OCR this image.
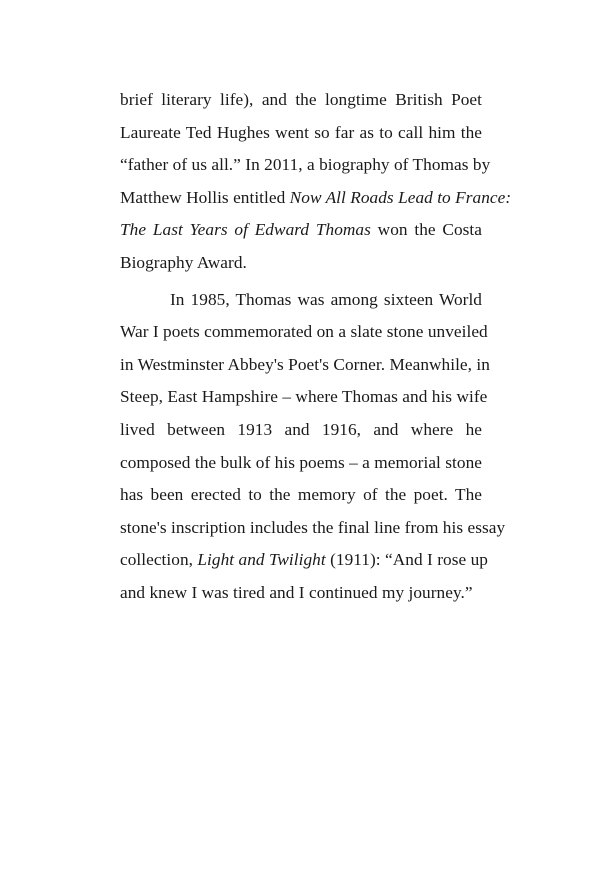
brief literary life), and the longtime British Poet
Laureate Ted Hughes went so far as to call him the
“father of us all.” In 2011, a biography of Thomas by
Matthew Hollis entitled Now All Roads Lead to France:
The Last Years of Edward Thomas won the Costa
Biography Award.
In 1985, Thomas was among sixteen World
War I poets commemorated on a slate stone unveiled
in Westminster Abbey's Poet's Corner. Meanwhile, in
Steep, East Hampshire – where Thomas and his wife
lived between 1913 and 1916, and where he
composed the bulk of his poems – a memorial stone
has been erected to the memory of the poet. The
stone's inscription includes the final line from his essay
collection, Light and Twilight (1911): “And I rose up
and knew I was tired and I continued my journey.”
